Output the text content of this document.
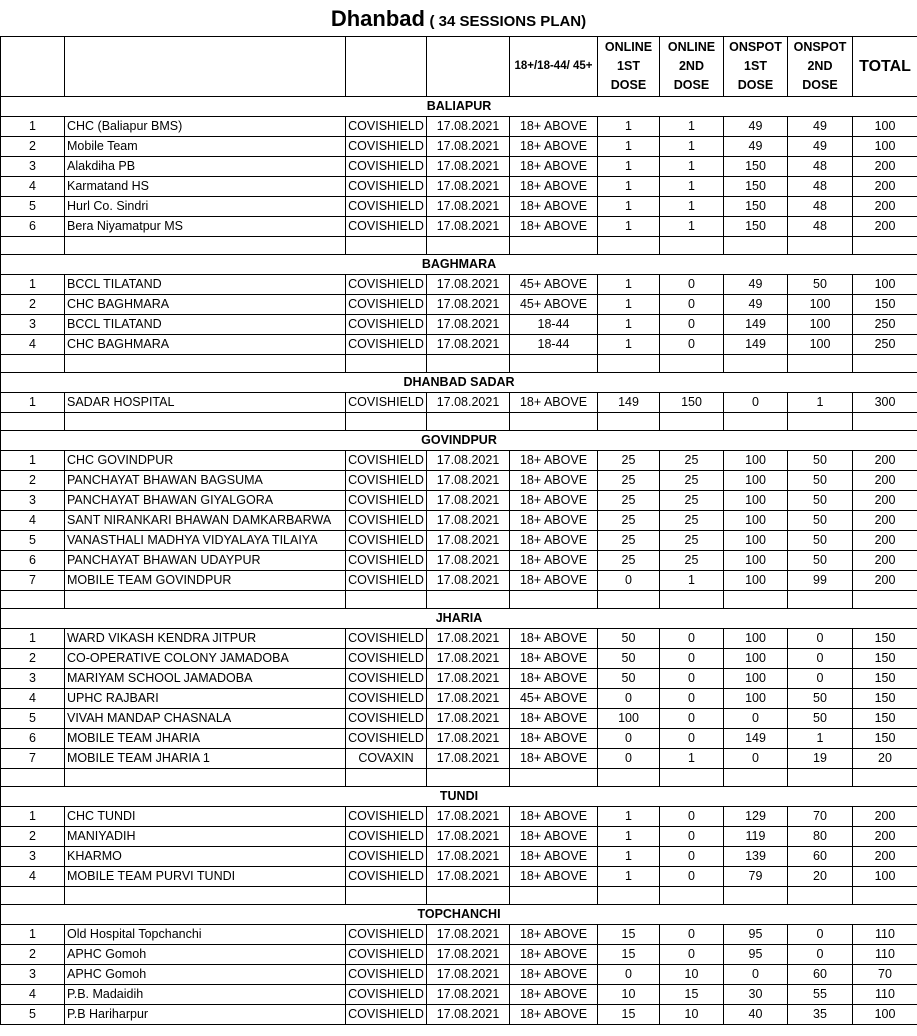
Dhanbad ( 34 SESSIONS PLAN)
				18+/18-44/ 45+	ONLINE 1ST DOSE	ONLINE 2ND DOSE	ONSPOT 1ST DOSE	ONSPOT 2ND DOSE	TOTAL
BALIAPUR									
1	CHC (Baliapur BMS)	COVISHIELD	17.08.2021	18+ ABOVE	1	1	49	49	100
2	Mobile Team	COVISHIELD	17.08.2021	18+ ABOVE	1	1	49	49	100
3	Alakdiha PB	COVISHIELD	17.08.2021	18+ ABOVE	1	1	150	48	200
4	Karmatand HS	COVISHIELD	17.08.2021	18+ ABOVE	1	1	150	48	200
5	Hurl Co. Sindri	COVISHIELD	17.08.2021	18+ ABOVE	1	1	150	48	200
6	Bera Niyamatpur MS	COVISHIELD	17.08.2021	18+ ABOVE	1	1	150	48	200

BAGHMARA									
1	BCCL TILATAND	COVISHIELD	17.08.2021	45+ ABOVE	1	0	49	50	100
2	CHC BAGHMARA	COVISHIELD	17.08.2021	45+ ABOVE	1	0	49	100	150
3	BCCL TILATAND	COVISHIELD	17.08.2021	18-44	1	0	149	100	250
4	CHC BAGHMARA	COVISHIELD	17.08.2021	18-44	1	0	149	100	250

DHANBAD SADAR									
1	SADAR HOSPITAL	COVISHIELD	17.08.2021	18+ ABOVE	149	150	0	1	300

GOVINDPUR									
1	CHC GOVINDPUR	COVISHIELD	17.08.2021	18+ ABOVE	25	25	100	50	200
2	PANCHAYAT BHAWAN BAGSUMA	COVISHIELD	17.08.2021	18+ ABOVE	25	25	100	50	200
3	PANCHAYAT BHAWAN GIYALGORA	COVISHIELD	17.08.2021	18+ ABOVE	25	25	100	50	200
4	SANT NIRANKARI BHAWAN DAMKARBARWA	COVISHIELD	17.08.2021	18+ ABOVE	25	25	100	50	200
5	VANASTHALI MADHYA VIDYALAYA TILAIYA	COVISHIELD	17.08.2021	18+ ABOVE	25	25	100	50	200
6	PANCHAYAT BHAWAN UDAYPUR	COVISHIELD	17.08.2021	18+ ABOVE	25	25	100	50	200
7	MOBILE TEAM GOVINDPUR	COVISHIELD	17.08.2021	18+ ABOVE	0	1	100	99	200

JHARIA									
1	WARD VIKASH KENDRA JITPUR	COVISHIELD	17.08.2021	18+ ABOVE	50	0	100	0	150
2	CO-OPERATIVE COLONY JAMADOBA	COVISHIELD	17.08.2021	18+ ABOVE	50	0	100	0	150
3	MARIYAM SCHOOL JAMADOBA	COVISHIELD	17.08.2021	18+ ABOVE	50	0	100	0	150
4	UPHC RAJBARI	COVISHIELD	17.08.2021	45+ ABOVE	0	0	100	50	150
5	VIVAH MANDAP CHASNALA	COVISHIELD	17.08.2021	18+ ABOVE	100	0	0	50	150
6	MOBILE TEAM JHARIA	COVISHIELD	17.08.2021	18+ ABOVE	0	0	149	1	150
7	MOBILE TEAM JHARIA 1	COVAXIN	17.08.2021	18+ ABOVE	0	1	0	19	20

TUNDI									
1	CHC TUNDI	COVISHIELD	17.08.2021	18+ ABOVE	1	0	129	70	200
2	MANIYADIH	COVISHIELD	17.08.2021	18+ ABOVE	1	0	119	80	200
3	KHARMO	COVISHIELD	17.08.2021	18+ ABOVE	1	0	139	60	200
4	MOBILE TEAM PURVI TUNDI	COVISHIELD	17.08.2021	18+ ABOVE	1	0	79	20	100

TOPCHANCHI									
1	Old Hospital Topchanchi	COVISHIELD	17.08.2021	18+ ABOVE	15	0	95	0	110
2	APHC Gomoh	COVISHIELD	17.08.2021	18+ ABOVE	15	0	95	0	110
3	APHC Gomoh	COVISHIELD	17.08.2021	18+ ABOVE	0	10	0	60	70
4	P.B. Madaidih	COVISHIELD	17.08.2021	18+ ABOVE	10	15	30	55	110
5	P.B Hariharpur	COVISHIELD	17.08.2021	18+ ABOVE	15	10	40	35	100
